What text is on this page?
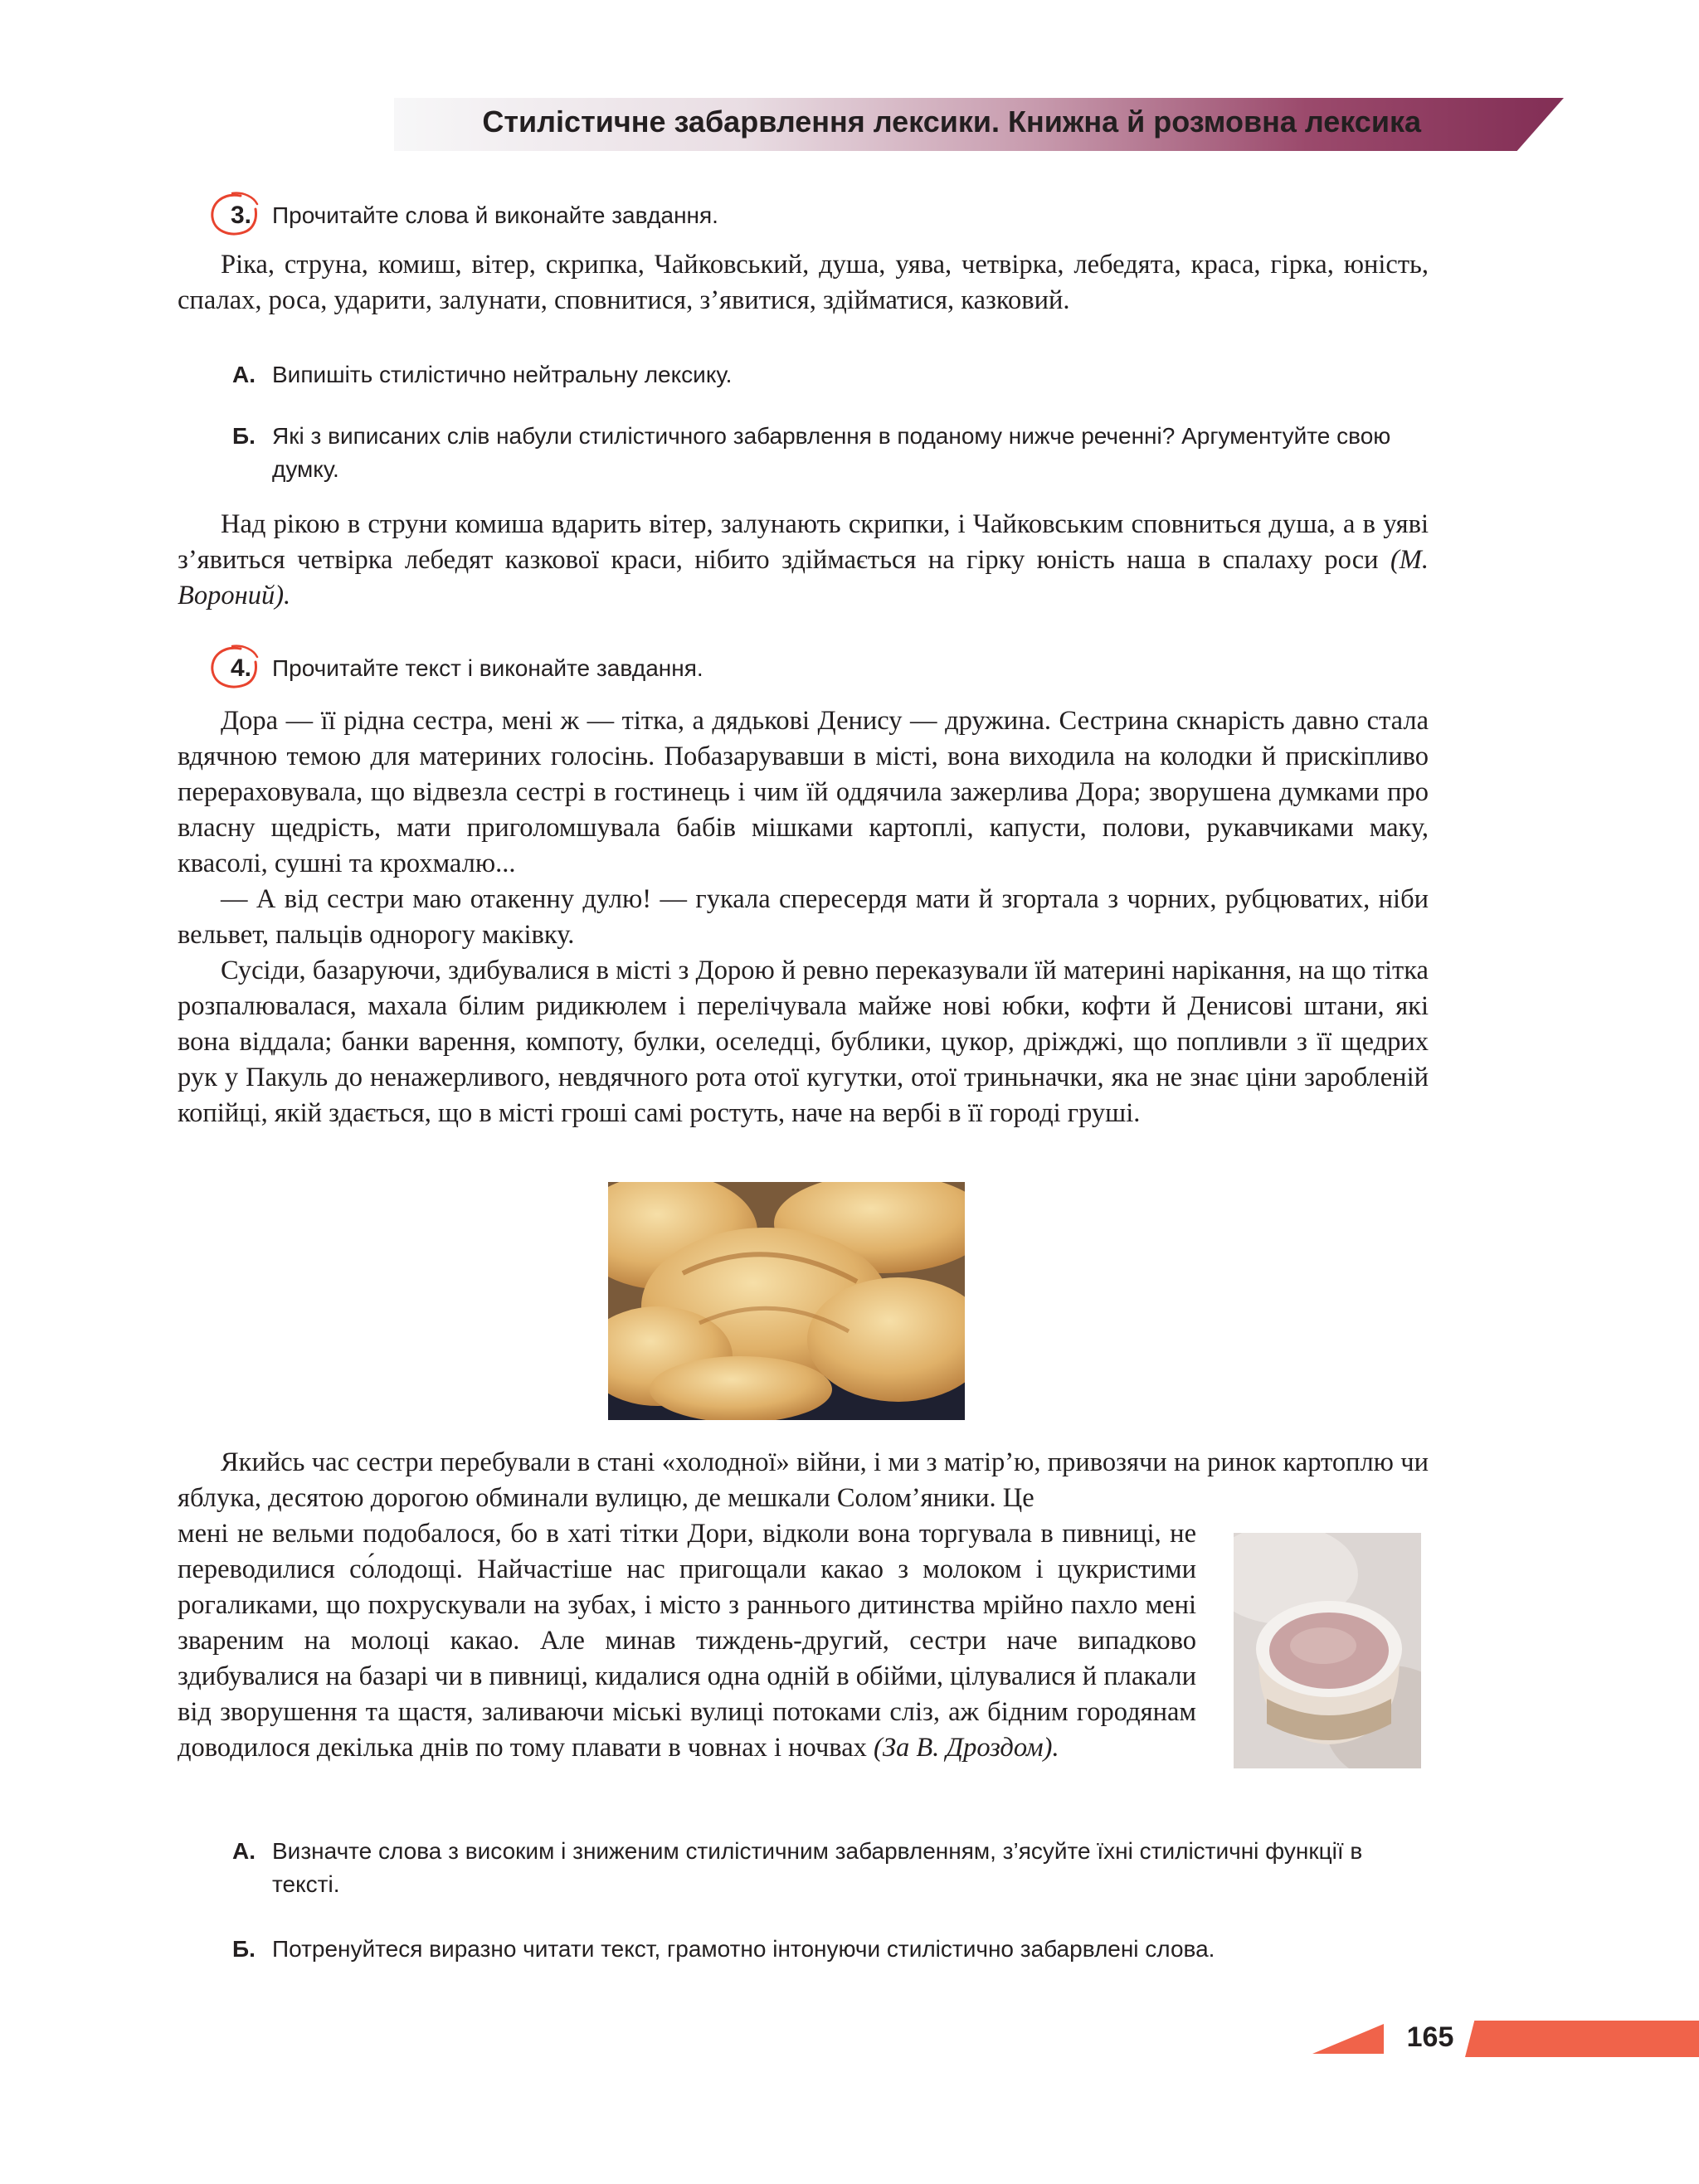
Стилістичне забарвлення лексики. Книжна й розмовна лексика
3. Прочитайте слова й виконайте завдання.

Ріка, струна, комиш, вітер, скрипка, Чайковський, душа, уява, четвірка, лебедята, краса, гірка, юність, спалах, роса, ударити, залунати, сповнитися, з’явитися, здійматися, казковий.

А. Випишіть стилістично нейтральну лексику.
Б. Які з виписаних слів набули стилістичного забарвлення в поданому нижче реченні? Аргументуйте свою думку.

Над рікою в струни комиша вдарить вітер, залунають скрипки, і Чайковським сповниться душа, а в уяві з’явиться четвірка лебедят казкової краси, нібито здіймається на гірку юність наша в спалаху роси (М. Вороний).

4. Прочитайте текст і виконайте завдання.

Дора — її рідна сестра, мені ж — тітка, а дядькові Денису — дружина. Сестрина скнарість давно стала вдячною темою для материних голосінь. Побазарувавши в місті, вона виходила на колодки й прискіпливо перераховувала, що відвезла сестрі в гостинець і чим їй оддячила зажерлива Дора; зворушена думками про власну щедрість, мати приголомшувала бабів мішками картоплі, капусти, полови, рукавчиками маку, квасолі, сушні та крохмалю...

— А від сестри маю отакенну дулю! — гукала спересердя мати й згортала з чорних, рубцюватих, ніби вельвет, пальців однорогу маківку.

Сусіди, базаруючи, здибувалися в місті з Дорою й ревно переказували їй материні нарікання, на що тітка розпалювалася, махала білим ридикюлем і перелічувала майже нові юбки, кофти й Денисові штани, які вона віддала; банки варення, компоту, булки, оселедці, бублики, цукор, дріжджі, що попливли з її щедрих рук у Пакуль до ненажерливого, невдячного рота отої кугутки, отої триньначки, яка не знає ціни заробленій копійці, якій здається, що в місті гроші самі ростуть, наче на вербі в її городі груші.

Якийсь час сестри перебували в стані «холодної» війни, і ми з матір’ю, привозячи на ринок картоплю чи яблука, десятою дорогою обминали вулицю, де мешкали Солом’яники. Це

мені не вельми подобалося, бо в хаті тітки Дори, відколи вона торгувала в пивниці, не переводилися со́лодощі. Найчастіше нас пригощали какао з молоком і цукристими рогаликами, що похрускували на зубах, і місто з раннього дитинства мрійно пахло мені звареним на молоці какао. Але минав тиждень-другий, сестри наче випадково здибувалися на базарі чи в пивниці, кидалися одна одній в обійми, цілувалися й плакали від зворушення та щастя, заливаючи міські вулиці потоками сліз, аж бідним городянам доводилося декілька днів по тому плавати в човнах і ночвах (За В. Дроздом).

А. Визначте слова з високим і зниженим стилістичним забарвленням, з’ясуйте їхні стилістичні функції в тексті.
Б. Потренуйтеся виразно читати текст, грамотно інтонуючи стилістично забарвлені слова.
165
